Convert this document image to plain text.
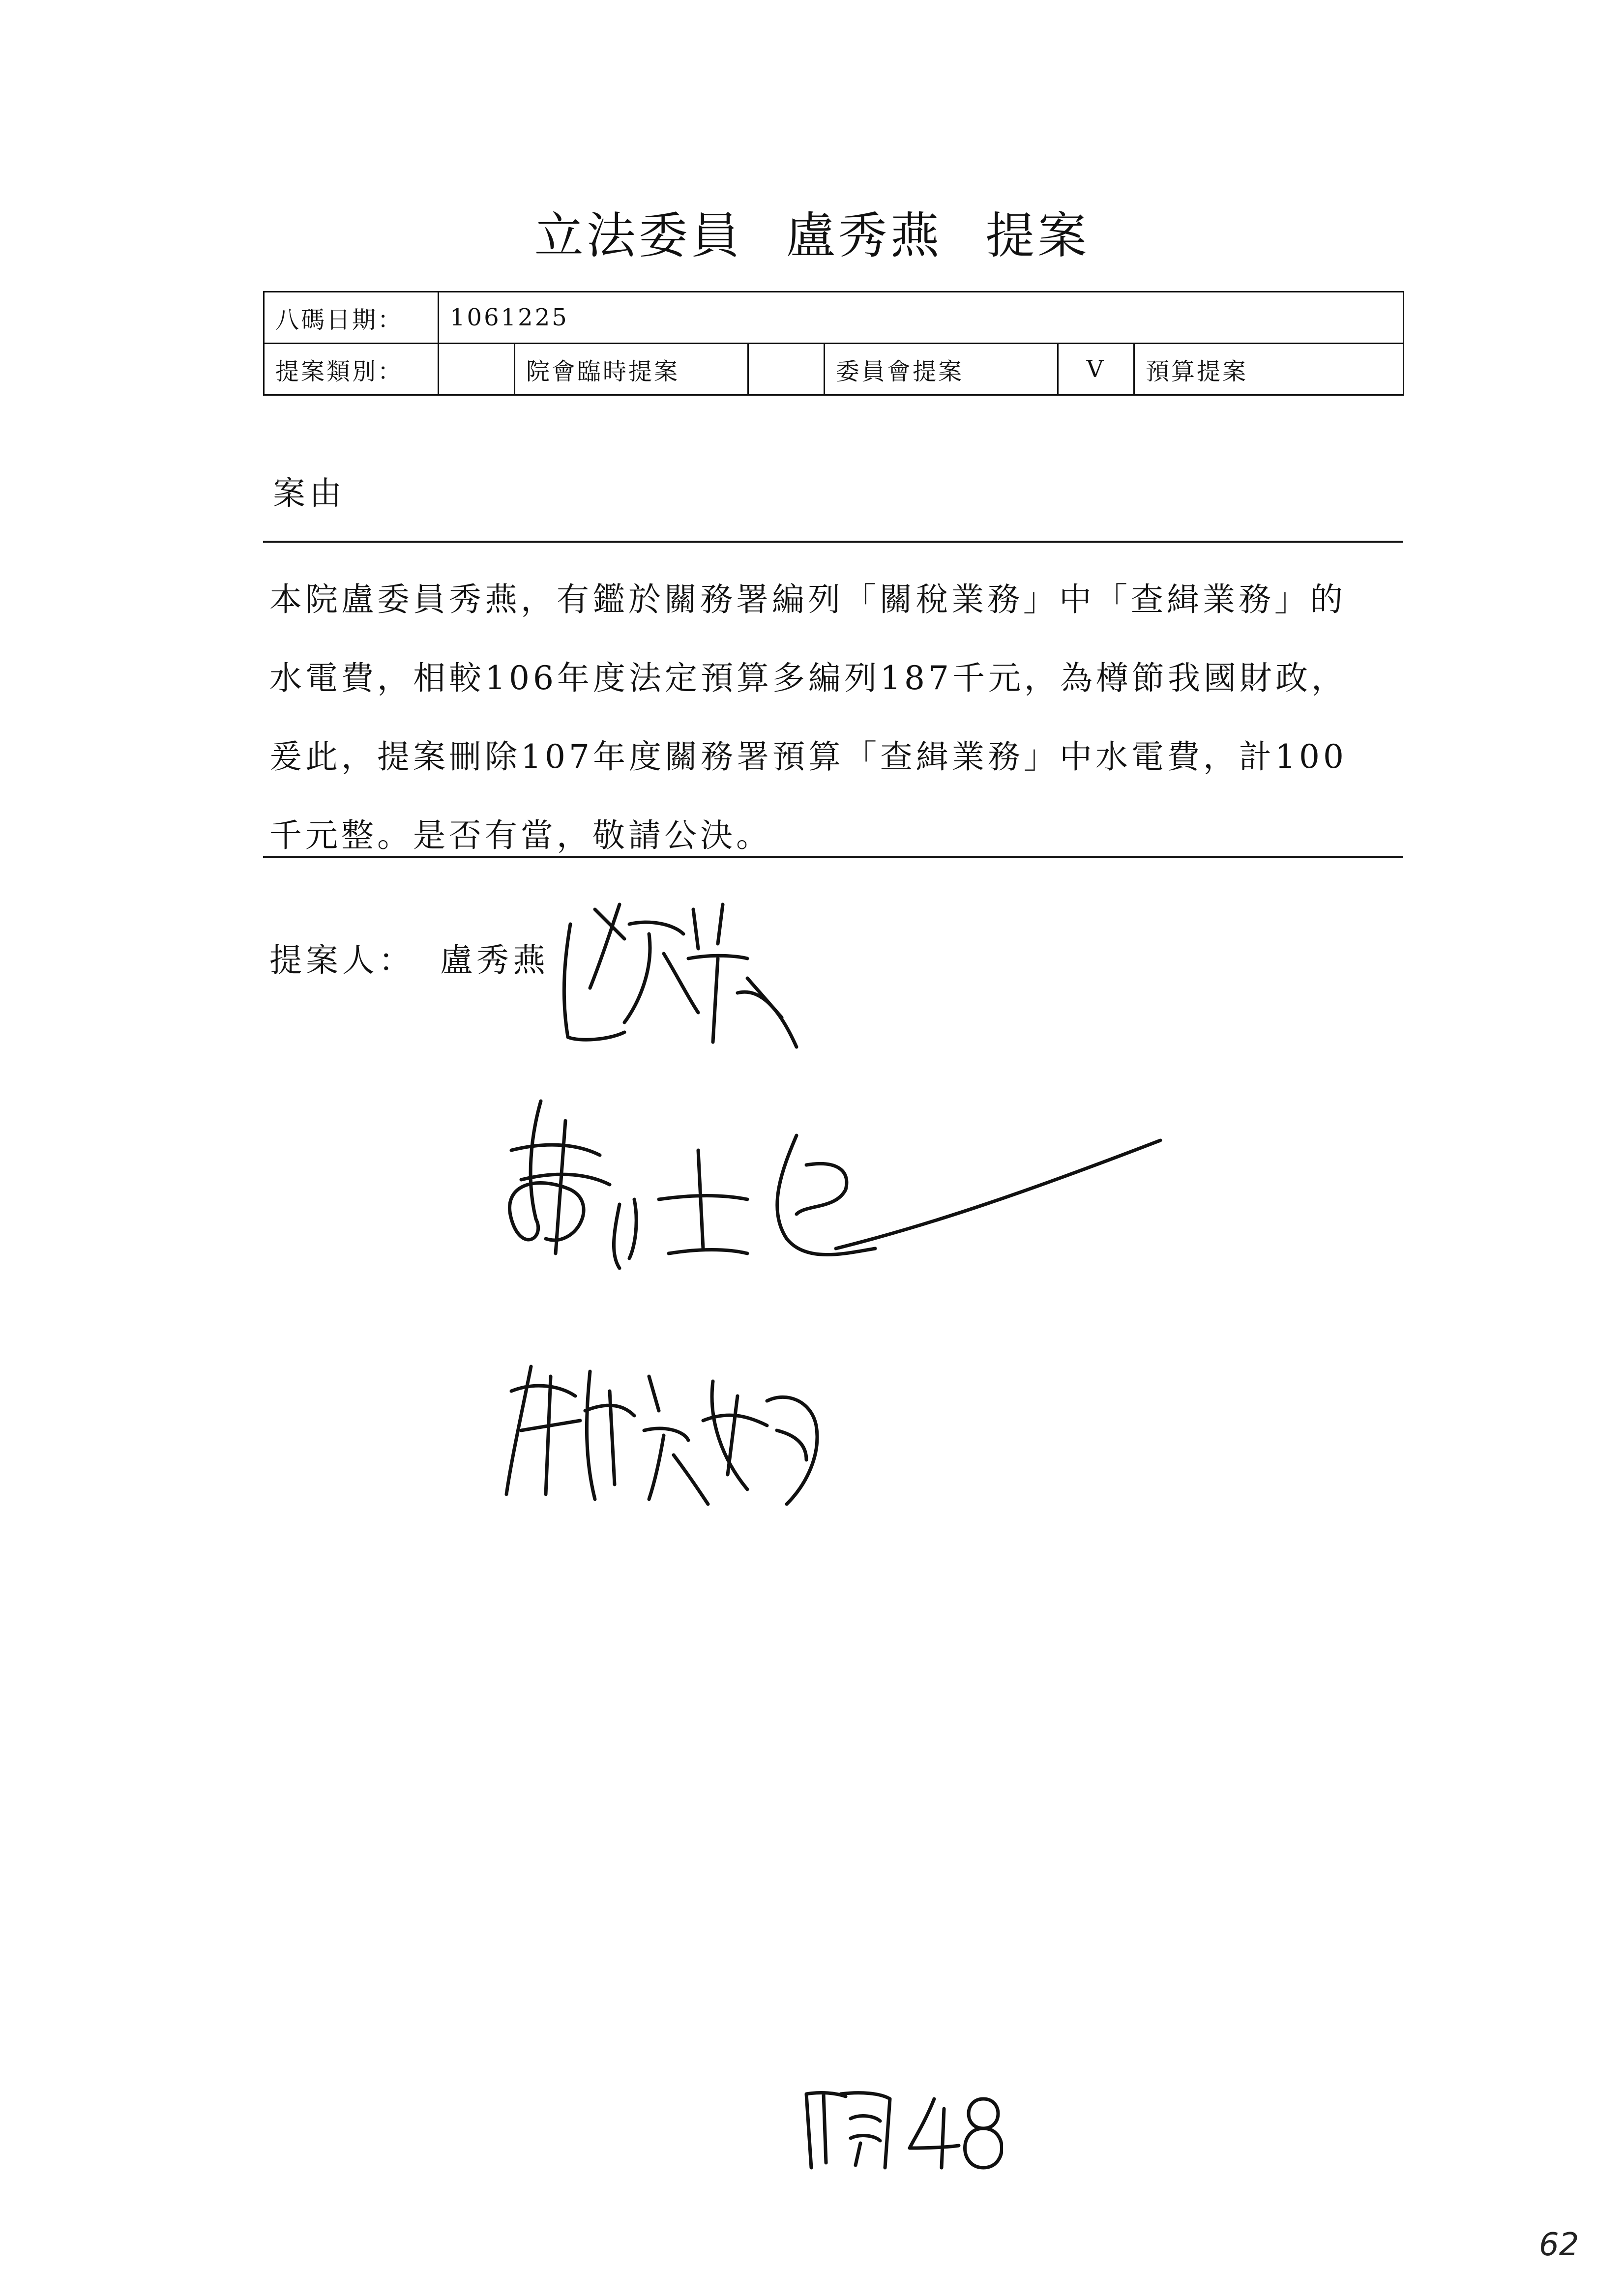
立法委員 盧秀燕 提案
八碼日期：	1061225					
提案類別：		院會臨時提案		委員會提案	V	預算提案
案由

本院盧委員秀燕，有鑑於關務署編列「關稅業務」中「查緝業務」的

水電費，相較106年度法定預算多編列187千元，為樽節我國財政，

爰此，提案刪除107年度關務署預算「查緝業務」中水電費，計100

千元整。是否有當，敬請公決。

提案人： 盧秀燕
62
